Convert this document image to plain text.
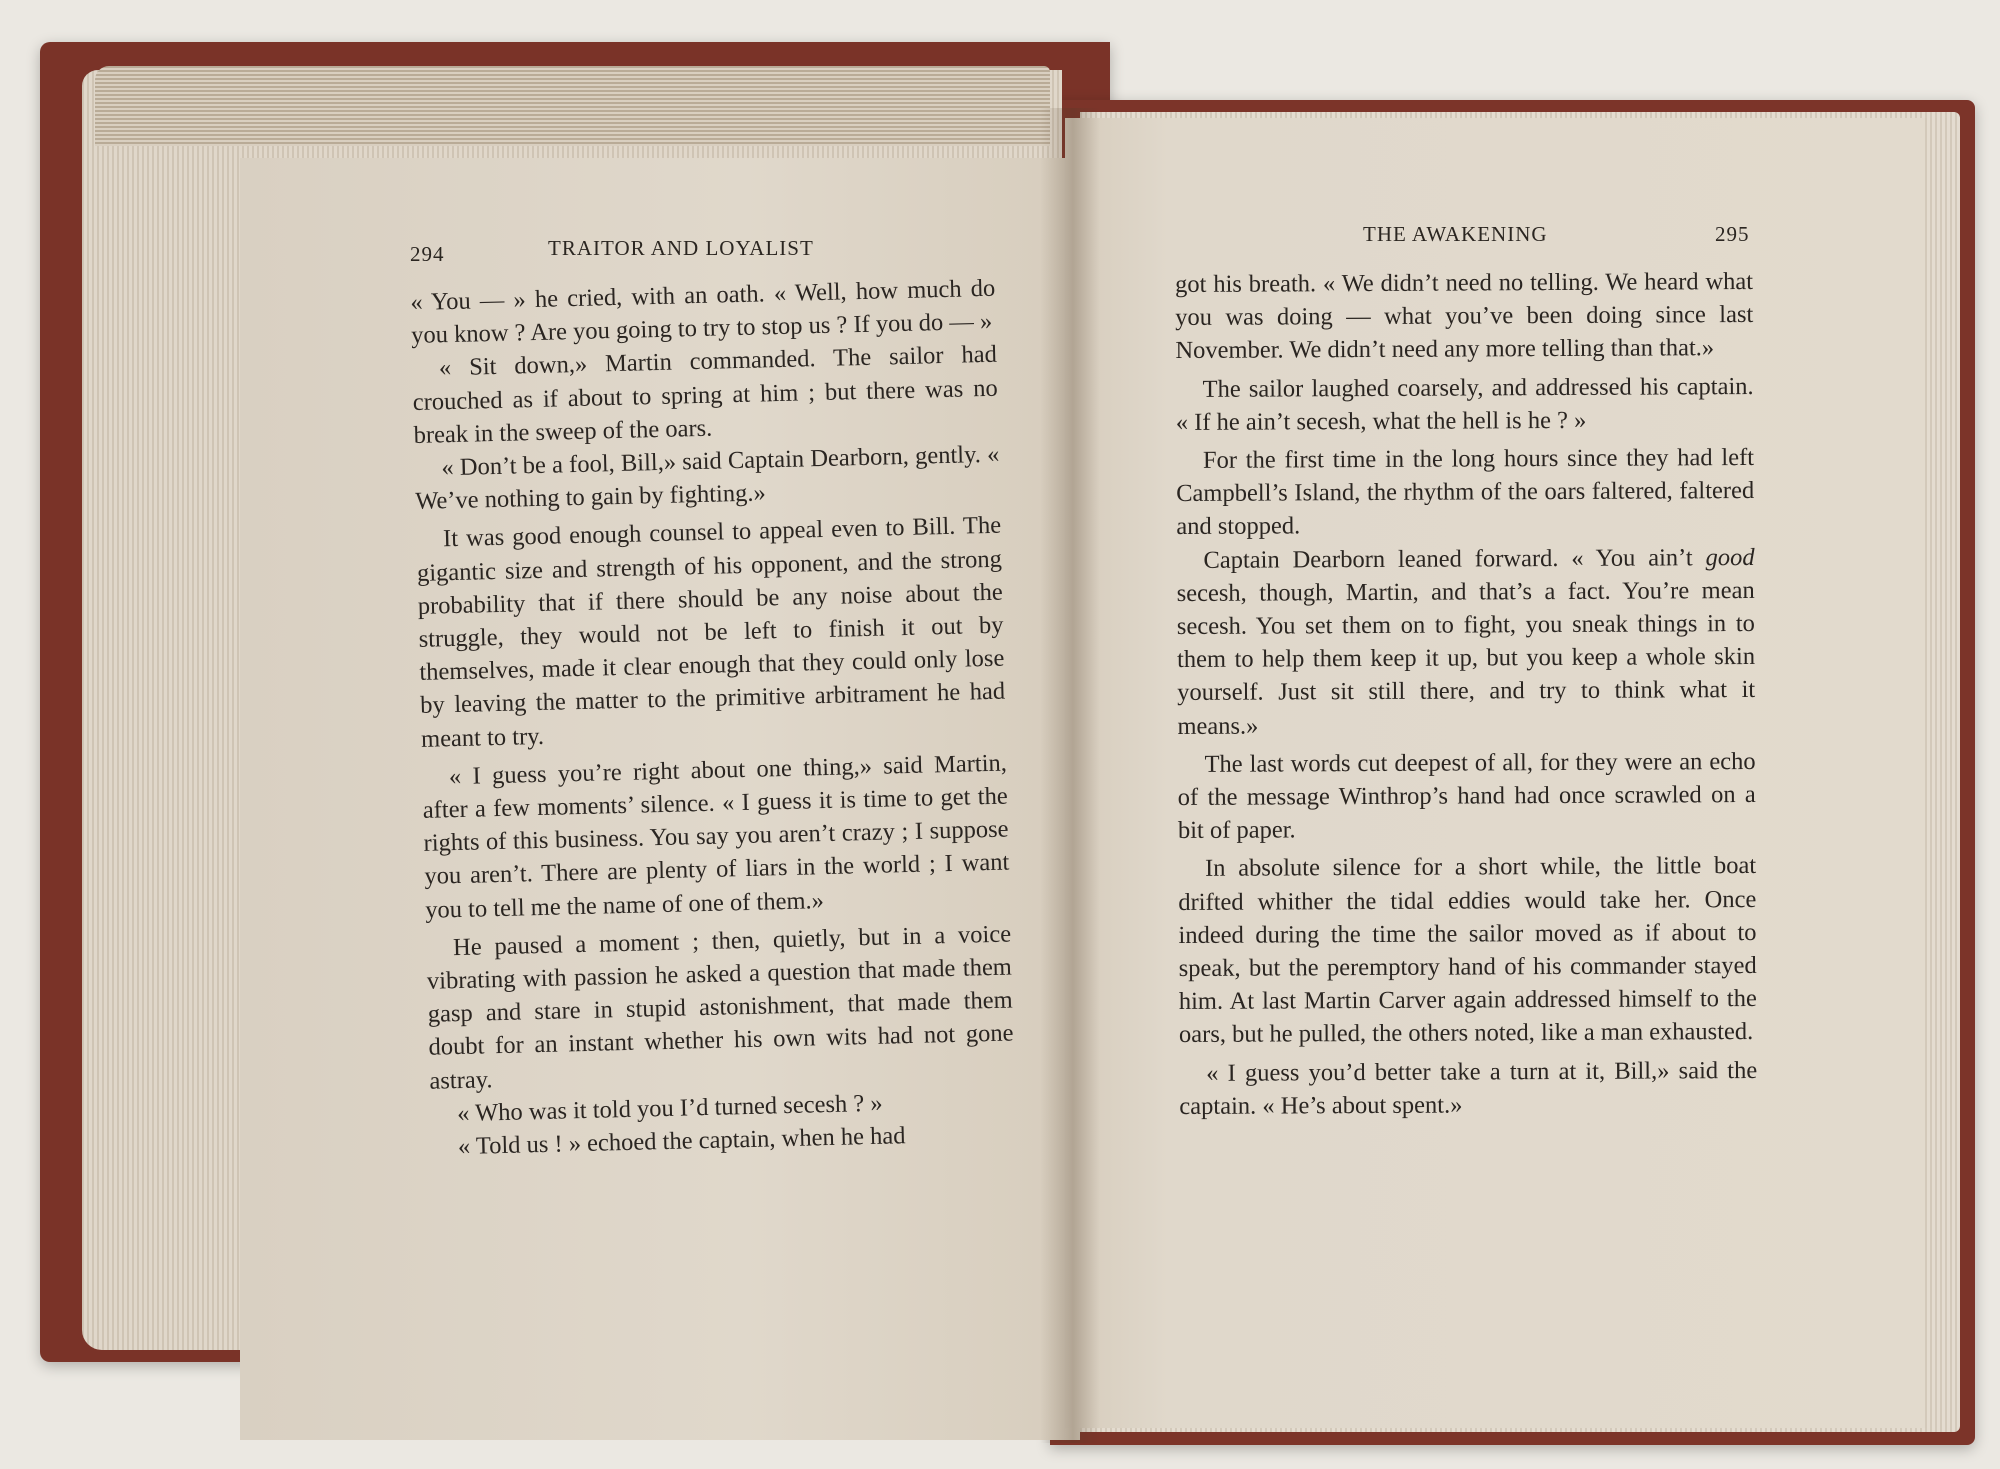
294	TRAITOR AND LOYALIST

« You — » he cried, with an oath. « Well, how much do you know ? Are you going to try to stop us ? If you do — »

« Sit down,» Martin commanded. The sailor had crouched as if about to spring at him ; but there was no break in the sweep of the oars.

« Don’t be a fool, Bill,» said Captain Dearborn, gently. « We’ve nothing to gain by fighting.»

It was good enough counsel to appeal even to Bill. The gigantic size and strength of his opponent, and the strong probability that if there should be any noise about the struggle, they would not be left to finish it out by themselves, made it clear enough that they could only lose by leaving the matter to the primitive arbitrament he had meant to try.

« I guess you’re right about one thing,» said Martin, after a few moments’ silence. « I guess it is time to get the rights of this business. You say you aren’t crazy ; I suppose you aren’t. There are plenty of liars in the world ; I want you to tell me the name of one of them.»

He paused a moment ; then, quietly, but in a voice vibrating with passion he asked a question that made them gasp and stare in stupid astonishment, that made them doubt for an instant whether his own wits had not gone astray.

« Who was it told you I’d turned secesh ? »

« Told us ! » echoed the captain, when he had

THE AWAKENING	295

got his breath. « We didn’t need no telling. We heard what you was doing — what you’ve been doing since last November. We didn’t need any more telling than that.»

The sailor laughed coarsely, and addressed his captain. « If he ain’t secesh, what the hell is he ? »

For the first time in the long hours since they had left Campbell’s Island, the rhythm of the oars faltered, faltered and stopped.

Captain Dearborn leaned forward. « You ain’t good secesh, though, Martin, and that’s a fact. You’re mean secesh. You set them on to fight, you sneak things in to them to help them keep it up, but you keep a whole skin yourself. Just sit still there, and try to think what it means.»

The last words cut deepest of all, for they were an echo of the message Winthrop’s hand had once scrawled on a bit of paper.

In absolute silence for a short while, the little boat drifted whither the tidal eddies would take her. Once indeed during the time the sailor moved as if about to speak, but the peremptory hand of his commander stayed him. At last Martin Carver again addressed himself to the oars, but he pulled, the others noted, like a man exhausted.

« I guess you’d better take a turn at it, Bill,» said the captain. « He’s about spent.»
